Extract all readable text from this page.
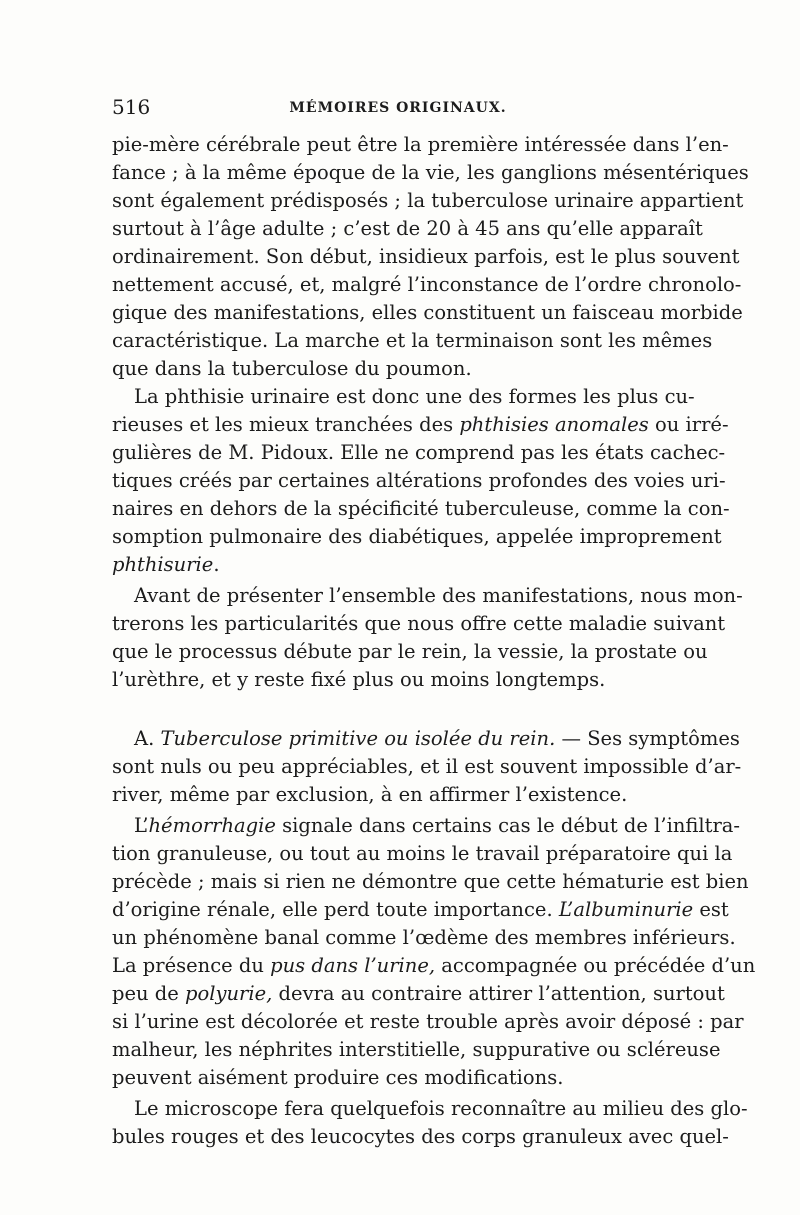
516	MÉMOIRES ORIGINAUX.
pie-mère cérébrale peut être la première intéressée dans l’en-
fance ; à la même époque de la vie, les ganglions mésentériques
sont également prédisposés ; la tuberculose urinaire appartient
surtout à l’âge adulte ; c’est de 20 à 45 ans qu’elle apparaît
ordinairement. Son début, insidieux parfois, est le plus souvent
nettement accusé, et, malgré l’inconstance de l’ordre chronolo-
gique des manifestations, elles constituent un faisceau morbide
caractéristique. La marche et la terminaison sont les mêmes
que dans la tuberculose du poumon.
La phthisie urinaire est donc une des formes les plus cu-
rieuses et les mieux tranchées des phthisies anomales ou irré-
gulières de M. Pidoux. Elle ne comprend pas les états cachec-
tiques créés par certaines altérations profondes des voies uri-
naires en dehors de la spécificité tuberculeuse, comme la con-
somption pulmonaire des diabétiques, appelée improprement
phthisurie.
Avant de présenter l’ensemble des manifestations, nous mon-
trerons les particularités que nous offre cette maladie suivant
que le processus débute par le rein, la vessie, la prostate ou
l’urèthre, et y reste fixé plus ou moins longtemps.
A. Tuberculose primitive ou isolée du rein. — Ses symptômes
sont nuls ou peu appréciables, et il est souvent impossible d’ar-
river, même par exclusion, à en affirmer l’existence.
L’hémorrhagie signale dans certains cas le début de l’infiltra-
tion granuleuse, ou tout au moins le travail préparatoire qui la
précède ; mais si rien ne démontre que cette hématurie est bien
d’origine rénale, elle perd toute importance. L’albuminurie est
un phénomène banal comme l’œdème des membres inférieurs.
La présence du pus dans l’urine, accompagnée ou précédée d’un
peu de polyurie, devra au contraire attirer l’attention, surtout
si l’urine est décolorée et reste trouble après avoir déposé : par
malheur, les néphrites interstitielle, suppurative ou scléreuse
peuvent aisément produire ces modifications.
Le microscope fera quelquefois reconnaître au milieu des glo-
bules rouges et des leucocytes des corps granuleux avec quel-
